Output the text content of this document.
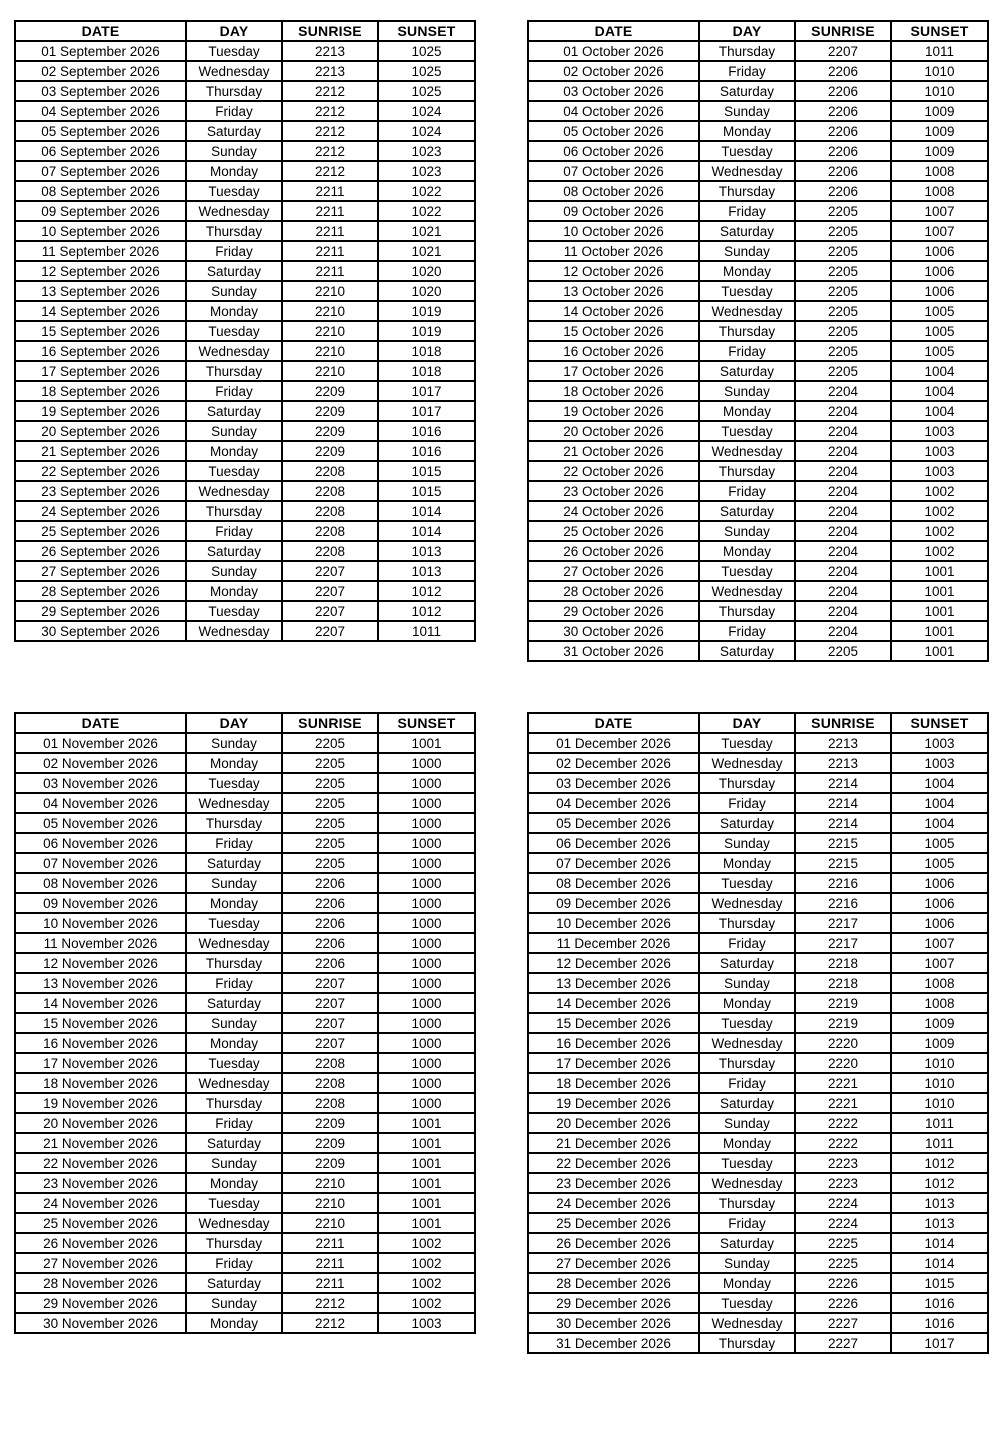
DATE	DAY	SUNRISE	SUNSET
01 September 2026	Tuesday	2213	1025
02 September 2026	Wednesday	2213	1025
03 September 2026	Thursday	2212	1025
04 September 2026	Friday	2212	1024
05 September 2026	Saturday	2212	1024
06 September 2026	Sunday	2212	1023
07 September 2026	Monday	2212	1023
08 September 2026	Tuesday	2211	1022
09 September 2026	Wednesday	2211	1022
10 September 2026	Thursday	2211	1021
11 September 2026	Friday	2211	1021
12 September 2026	Saturday	2211	1020
13 September 2026	Sunday	2210	1020
14 September 2026	Monday	2210	1019
15 September 2026	Tuesday	2210	1019
16 September 2026	Wednesday	2210	1018
17 September 2026	Thursday	2210	1018
18 September 2026	Friday	2209	1017
19 September 2026	Saturday	2209	1017
20 September 2026	Sunday	2209	1016
21 September 2026	Monday	2209	1016
22 September 2026	Tuesday	2208	1015
23 September 2026	Wednesday	2208	1015
24 September 2026	Thursday	2208	1014
25 September 2026	Friday	2208	1014
26 September 2026	Saturday	2208	1013
27 September 2026	Sunday	2207	1013
28 September 2026	Monday	2207	1012
29 September 2026	Tuesday	2207	1012
30 September 2026	Wednesday	2207	1011
DATE	DAY	SUNRISE	SUNSET
01 October 2026	Thursday	2207	1011
02 October 2026	Friday	2206	1010
03 October 2026	Saturday	2206	1010
04 October 2026	Sunday	2206	1009
05 October 2026	Monday	2206	1009
06 October 2026	Tuesday	2206	1009
07 October 2026	Wednesday	2206	1008
08 October 2026	Thursday	2206	1008
09 October 2026	Friday	2205	1007
10 October 2026	Saturday	2205	1007
11 October 2026	Sunday	2205	1006
12 October 2026	Monday	2205	1006
13 October 2026	Tuesday	2205	1006
14 October 2026	Wednesday	2205	1005
15 October 2026	Thursday	2205	1005
16 October 2026	Friday	2205	1005
17 October 2026	Saturday	2205	1004
18 October 2026	Sunday	2204	1004
19 October 2026	Monday	2204	1004
20 October 2026	Tuesday	2204	1003
21 October 2026	Wednesday	2204	1003
22 October 2026	Thursday	2204	1003
23 October 2026	Friday	2204	1002
24 October 2026	Saturday	2204	1002
25 October 2026	Sunday	2204	1002
26 October 2026	Monday	2204	1002
27 October 2026	Tuesday	2204	1001
28 October 2026	Wednesday	2204	1001
29 October 2026	Thursday	2204	1001
30 October 2026	Friday	2204	1001
31 October 2026	Saturday	2205	1001
DATE	DAY	SUNRISE	SUNSET
01 November 2026	Sunday	2205	1001
02 November 2026	Monday	2205	1000
03 November 2026	Tuesday	2205	1000
04 November 2026	Wednesday	2205	1000
05 November 2026	Thursday	2205	1000
06 November 2026	Friday	2205	1000
07 November 2026	Saturday	2205	1000
08 November 2026	Sunday	2206	1000
09 November 2026	Monday	2206	1000
10 November 2026	Tuesday	2206	1000
11 November 2026	Wednesday	2206	1000
12 November 2026	Thursday	2206	1000
13 November 2026	Friday	2207	1000
14 November 2026	Saturday	2207	1000
15 November 2026	Sunday	2207	1000
16 November 2026	Monday	2207	1000
17 November 2026	Tuesday	2208	1000
18 November 2026	Wednesday	2208	1000
19 November 2026	Thursday	2208	1000
20 November 2026	Friday	2209	1001
21 November 2026	Saturday	2209	1001
22 November 2026	Sunday	2209	1001
23 November 2026	Monday	2210	1001
24 November 2026	Tuesday	2210	1001
25 November 2026	Wednesday	2210	1001
26 November 2026	Thursday	2211	1002
27 November 2026	Friday	2211	1002
28 November 2026	Saturday	2211	1002
29 November 2026	Sunday	2212	1002
30 November 2026	Monday	2212	1003
DATE	DAY	SUNRISE	SUNSET
01 December 2026	Tuesday	2213	1003
02 December 2026	Wednesday	2213	1003
03 December 2026	Thursday	2214	1004
04 December 2026	Friday	2214	1004
05 December 2026	Saturday	2214	1004
06 December 2026	Sunday	2215	1005
07 December 2026	Monday	2215	1005
08 December 2026	Tuesday	2216	1006
09 December 2026	Wednesday	2216	1006
10 December 2026	Thursday	2217	1006
11 December 2026	Friday	2217	1007
12 December 2026	Saturday	2218	1007
13 December 2026	Sunday	2218	1008
14 December 2026	Monday	2219	1008
15 December 2026	Tuesday	2219	1009
16 December 2026	Wednesday	2220	1009
17 December 2026	Thursday	2220	1010
18 December 2026	Friday	2221	1010
19 December 2026	Saturday	2221	1010
20 December 2026	Sunday	2222	1011
21 December 2026	Monday	2222	1011
22 December 2026	Tuesday	2223	1012
23 December 2026	Wednesday	2223	1012
24 December 2026	Thursday	2224	1013
25 December 2026	Friday	2224	1013
26 December 2026	Saturday	2225	1014
27 December 2026	Sunday	2225	1014
28 December 2026	Monday	2226	1015
29 December 2026	Tuesday	2226	1016
30 December 2026	Wednesday	2227	1016
31 December 2026	Thursday	2227	1017
